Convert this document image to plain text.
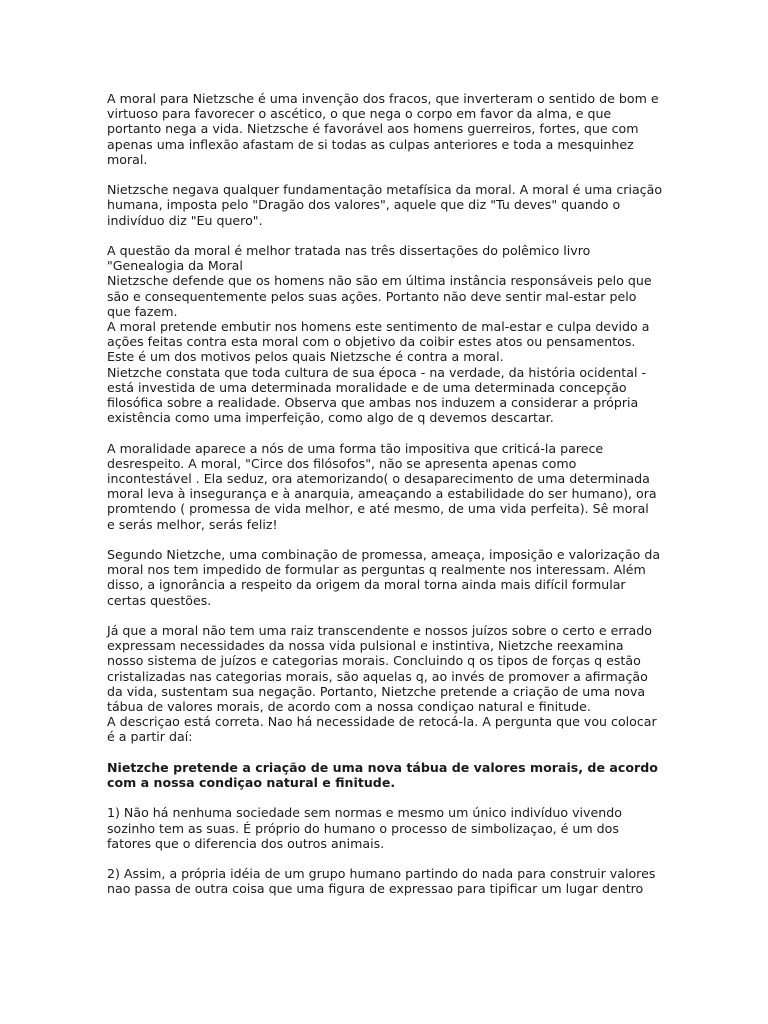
A moral para Nietzsche é uma invenção dos fracos, que inverteram o sentido de bom e
virtuoso para favorecer o ascético, o que nega o corpo em favor da alma, e que
portanto nega a vida. Nietzsche é favorável aos homens guerreiros, fortes, que com
apenas uma inflexão afastam de si todas as culpas anteriores e toda a mesquinhez
moral.
Nietzsche negava qualquer fundamentação metafísica da moral. A moral é uma criação
humana, imposta pelo "Dragão dos valores", aquele que diz "Tu deves" quando o
indivíduo diz "Eu quero".
A questão da moral é melhor tratada nas três dissertações do polêmico livro
"Genealogia da Moral
Nietzsche defende que os homens não são em última instância responsáveis pelo que
são e consequentemente pelos suas ações. Portanto não deve sentir mal-estar pelo
que fazem.
A moral pretende embutir nos homens este sentimento de mal-estar e culpa devido a
ações feitas contra esta moral com o objetivo da coibir estes atos ou pensamentos.
Este é um dos motivos pelos quais Nietzsche é contra a moral.
Nietzche constata que toda cultura de sua época - na verdade, da história ocidental -
está investida de uma determinada moralidade e de uma determinada concepção
filosófica sobre a realidade. Observa que ambas nos induzem a considerar a própria
existência como uma imperfeição, como algo de q devemos descartar.
A moralidade aparece a nós de uma forma tão impositiva que criticá-la parece
desrespeito. A moral, "Circe dos filósofos", não se apresenta apenas como
incontestável . Ela seduz, ora atemorizando( o desaparecimento de uma determinada
moral leva à insegurança e à anarquia, ameaçando a estabilidade do ser humano), ora
promtendo ( promessa de vida melhor, e até mesmo, de uma vida perfeita). Sê moral
e serás melhor, serás feliz!
Segundo Nietzche, uma combinação de promessa, ameaça, imposição e valorização da
moral nos tem impedido de formular as perguntas q realmente nos interessam. Além
disso, a ignorância a respeito da origem da moral torna ainda mais difícil formular
certas questões.
Já que a moral não tem uma raiz transcendente e nossos juízos sobre o certo e errado
expressam necessidades da nossa vida pulsional e instintiva, Nietzche reexamina
nosso sistema de juízos e categorias morais. Concluindo q os tipos de forças q estão
cristalizadas nas categorias morais, são aquelas q, ao invés de promover a afirmação
da vida, sustentam sua negação. Portanto, Nietzche pretende a criação de uma nova
tábua de valores morais, de acordo com a nossa condiçao natural e finitude.
A descriçao está correta. Nao há necessidade de retocá-la. A pergunta que vou colocar
é a partir daí:
Nietzche pretende a criação de uma nova tábua de valores morais, de acordo
com a nossa condiçao natural e finitude.
1) Não há nenhuma sociedade sem normas e mesmo um único indivíduo vivendo
sozinho tem as suas. É próprio do humano o processo de simbolizaçao, é um dos
fatores que o diferencia dos outros animais.
2) Assim, a própria idéia de um grupo humano partindo do nada para construir valores
nao passa de outra coisa que uma figura de expressao para tipificar um lugar dentro
